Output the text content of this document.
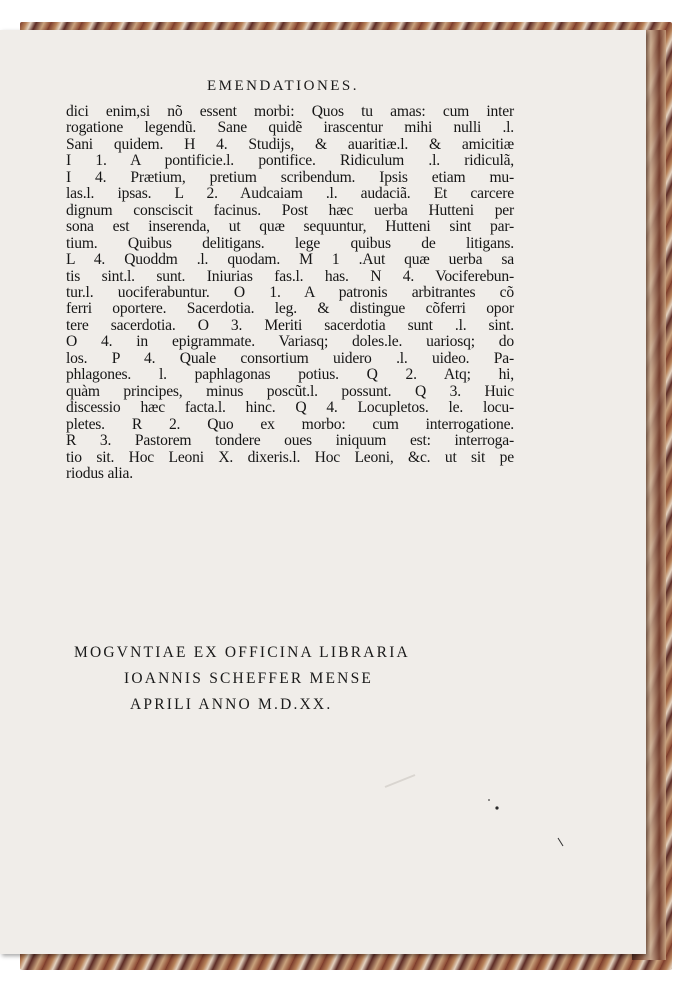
EMENDATIONES.
dici enim,si nõ essent morbi: Quos tu amas: cum inter
rogatione legendũ. Sane quidẽ irascentur mihi nulli .l.
Sani quidem. H 4. Studijs, & auaritiæ.l. & amicitiæ
I 1. A pontificie.l. pontifice. Ridiculum .l. ridiculã,
I 4. Prætium, pretium scribendum. Ipsis etiam mu-
las.l. ipsas. L 2. Audcaiam .l. audaciã. Et carcere
dignum consciscit facinus. Post hæc uerba Hutteni per
sona est inserenda, ut quæ sequuntur, Hutteni sint par-
tium. Quibus delitigans. lege quibus de litigans.
L 4. Quoddm .l. quodam. M 1 .Aut quæ uerba sa
tis sint.l. sunt. Iniurias fas.l. has. N 4. Vociferebun-
tur.l. uociferabuntur. O 1. A patronis arbitrantes cõ
ferri oportere. Sacerdotia. leg. & distingue cõferri opor
tere sacerdotia. O 3. Meriti sacerdotia sunt .l. sint.
O 4. in epigrammate. Variasq; doles.le. uariosq; do
los. P 4. Quale consortium uidero .l. uideo. Pa-
phlagones. l. paphlagonas potius. Q 2. Atq; hi,
quàm principes, minus poscũt.l. possunt. Q 3. Huic
discessio hæc facta.l. hinc. Q 4. Locupletos. le. locu-
pletes. R 2. Quo ex morbo: cum interrogatione.
R 3. Pastorem tondere oues iniquum est: interroga-
tio sit. Hoc Leoni X. dixeris.l. Hoc Leoni, &c. ut sit pe
riodus alia.
MOGVNTIAE EX OFFICINA LIBRARIA
IOANNIS SCHEFFER MENSE
APRILI ANNO M.D.XX.
